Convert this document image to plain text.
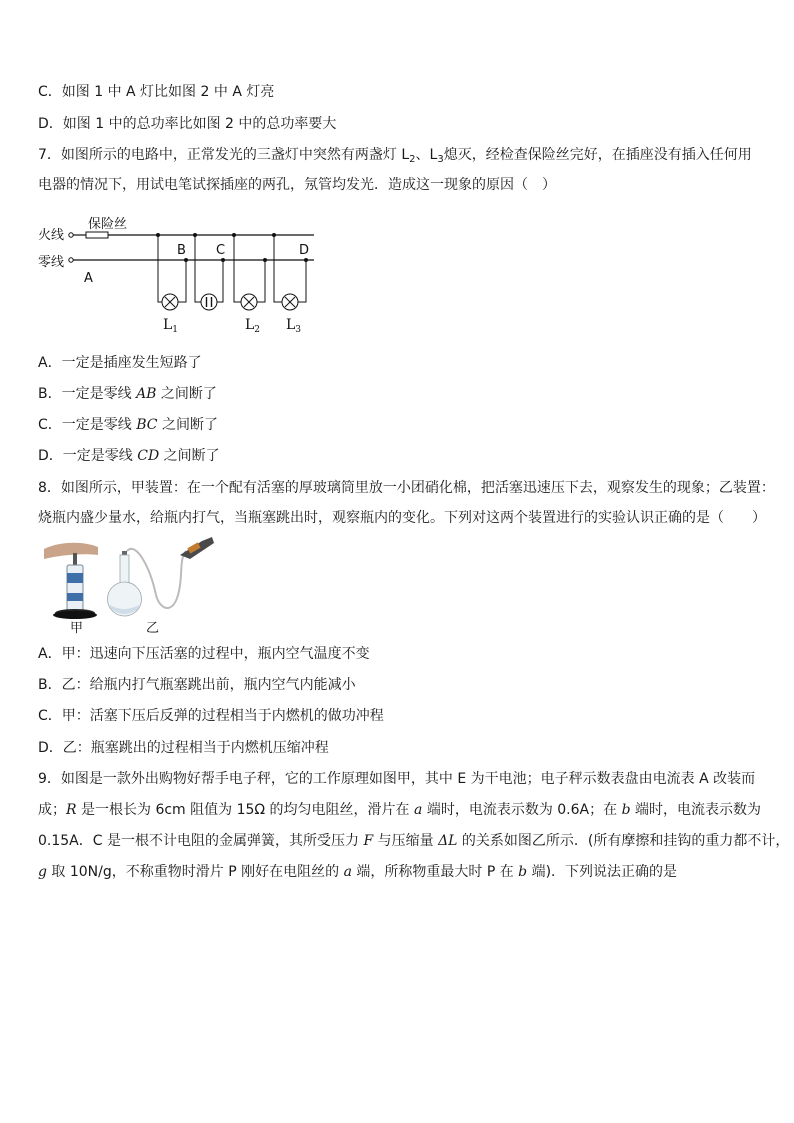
C．如图 1 中 A 灯比如图 2 中 A 灯亮
D．如图 1 中的总功率比如图 2 中的总功率要大
7．如图所示的电路中，正常发光的三盏灯中突然有两盏灯 $L_2$、$L_3$熄灭，经检查保险丝完好，在插座没有插入任何用
电器的情况下，用试电笔试探插座的两孔，氖管均发光．造成这一现象的原因（　）
火线
零线
保险丝
A
B C	D
$L_1$	$L_2$ $L_3$
A．一定是插座发生短路了
B．一定是零线 AB 之间断了
C．一定是零线 BC 之间断了
D．一定是零线 CD 之间断了
8．如图所示，甲装置：在一个配有活塞的厚玻璃筒里放一小团硝化棉，把活塞迅速压下去，观察发生的现象；乙装置：
烧瓶内盛少量水，给瓶内打气，当瓶塞跳出时，观察瓶内的变化。下列对这两个装置进行的实验认识正确的是（　　）
甲	乙
A．甲：迅速向下压活塞的过程中，瓶内空气温度不变
B．乙：给瓶内打气瓶塞跳出前，瓶内空气内能减小
C．甲：活塞下压后反弹的过程相当于内燃机的做功冲程
D．乙：瓶塞跳出的过程相当于内燃机压缩冲程
9．如图是一款外出购物好帮手电子秤，它的工作原理如图甲，其中 E 为干电池；电子秤示数表盘由电流表 A 改装而
成；R 是一根长为 6cm 阻值为 15Ω 的均匀电阻丝，滑片在 a 端时，电流表示数为 0.6A；在 b 端时，电流表示数为
0.15A．C 是一根不计电阻的金属弹簧，其所受压力 F 与压缩量 ΔL 的关系如图乙所示．(所有摩擦和挂钩的重力都不计，
g 取 10N/g，不称重物时滑片 P 刚好在电阻丝的 a 端，所称物重最大时 P 在 b 端)．下列说法正确的是
